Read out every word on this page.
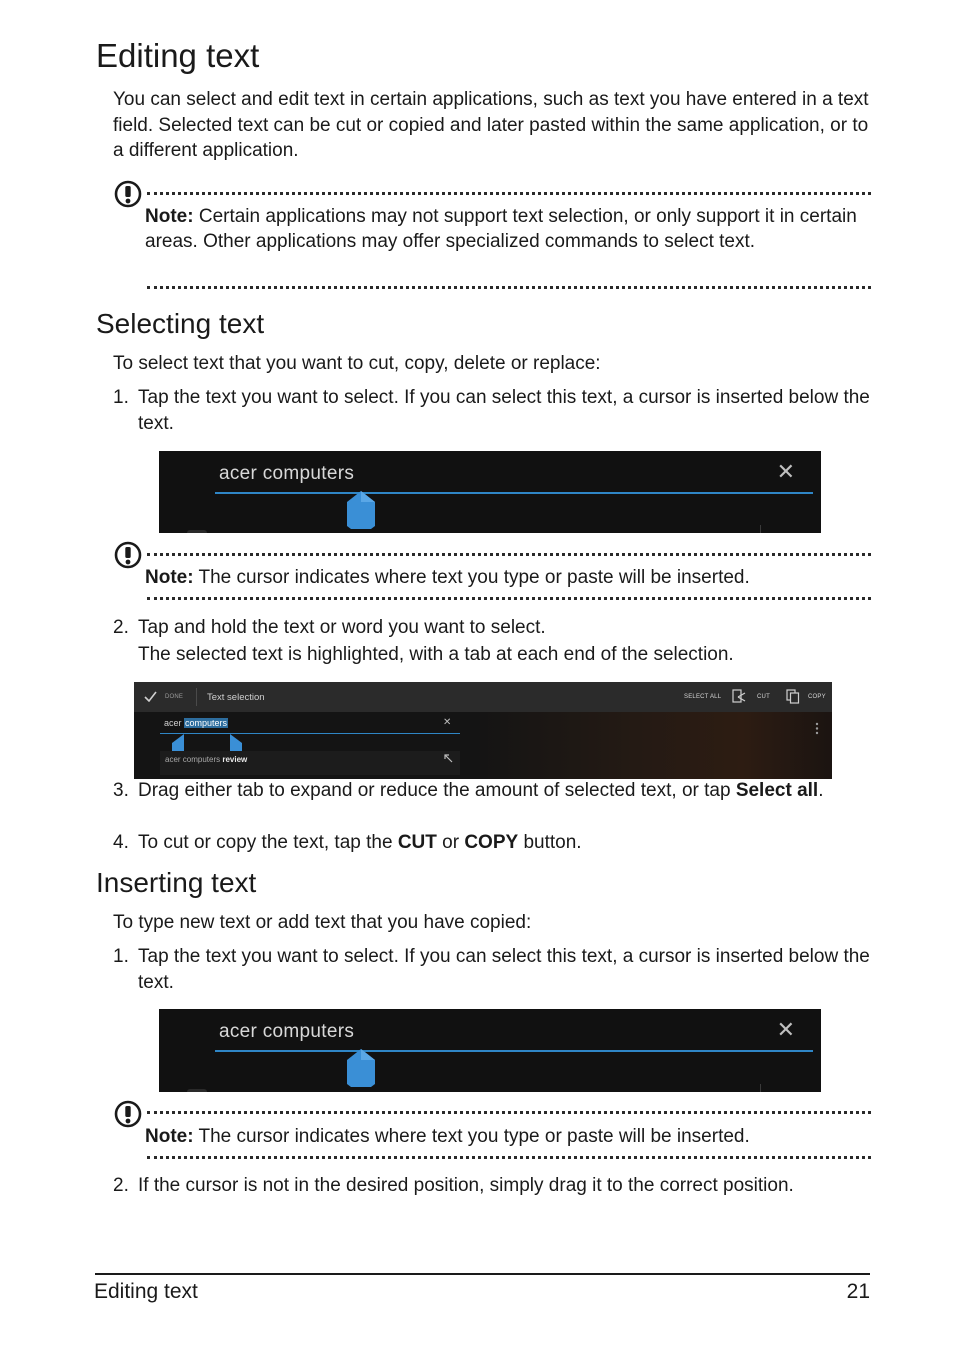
Editing text

You can select and edit text in certain applications, such as text you have entered in a text field. Selected text can be cut or copied and later pasted within the same application, or to a different application.

Note: Certain applications may not support text selection, or only support it in certain areas. Other applications may offer specialized commands to select text.
Selecting text

To select text that you want to cut, copy, delete or replace:

1. Tap the text you want to select. If you can select this text, a cursor is inserted below the text.
acer computers	✕
Note: The cursor indicates where text you type or paste will be inserted.
2. Tap and hold the text or word you want to select.
The selected text is highlighted, with a tab at each end of the selection.
DONE	Text selection	SELECT ALL	CUT	COPY
acer computers	✕
acer computers review
3. Drag either tab to expand or reduce the amount of selected text, or tap Select all.
4. To cut or copy the text, tap the CUT or COPY button.
Inserting text

To type new text or add text that you have copied:

1. Tap the text you want to select. If you can select this text, a cursor is inserted below the text.
acer computers	✕
Note: The cursor indicates where text you type or paste will be inserted.
2. If the cursor is not in the desired position, simply drag it to the correct position.
Editing text	21
